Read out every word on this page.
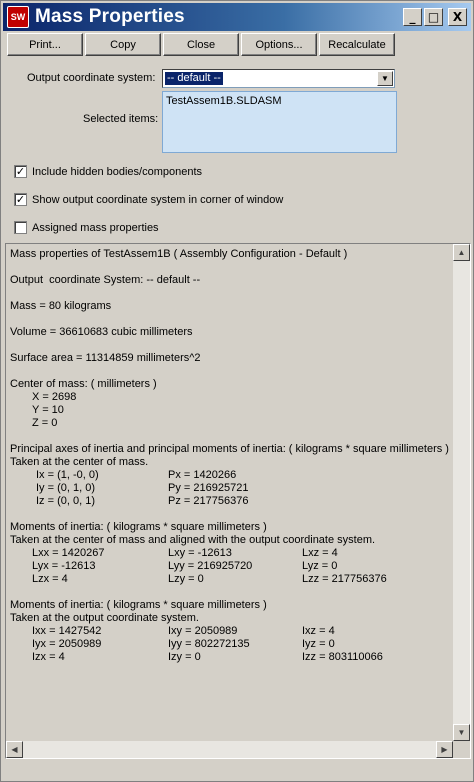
SW Mass Properties	_	□	X
Print...	Copy	Close	Options...	Recalculate
Output coordinate system: -- default --	▼
Selected items:
TestAssem1B.SLDASM
✓ Include hidden bodies/components
✓ Show output coordinate system in corner of window
Assigned mass properties
Mass properties of TestAssem1B ( Assembly Configuration - Default )
Output  coordinate System: -- default --
Mass = 80 kilograms
Volume = 36610683 cubic millimeters
Surface area = 11314859 millimeters^2
Center of mass: ( millimeters )
X = 2698
Y = 10
Z = 0
Principal axes of inertia and principal moments of inertia: ( kilograms * square millimeters )
Taken at the center of mass.
Ix = (1, -0, 0)	Px = 1420266
Iy = (0, 1, 0)	Py = 216925721
Iz = (0, 0, 1)	Pz = 217756376
Moments of inertia: ( kilograms * square millimeters )
Taken at the center of mass and aligned with the output coordinate system.
Lxx = 1420267	Lxy = -12613	Lxz = 4
Lyx = -12613	Lyy = 216925720	Lyz = 0
Lzx = 4	Lzy = 0	Lzz = 217756376
Moments of inertia: ( kilograms * square millimeters )
Taken at the output coordinate system.
Ixx = 1427542	Ixy = 2050989	Ixz = 4
Iyx = 2050989	Iyy = 802272135	Iyz = 0
Izx = 4	Izy = 0	Izz = 803110066
▲
▼
◀	▶
